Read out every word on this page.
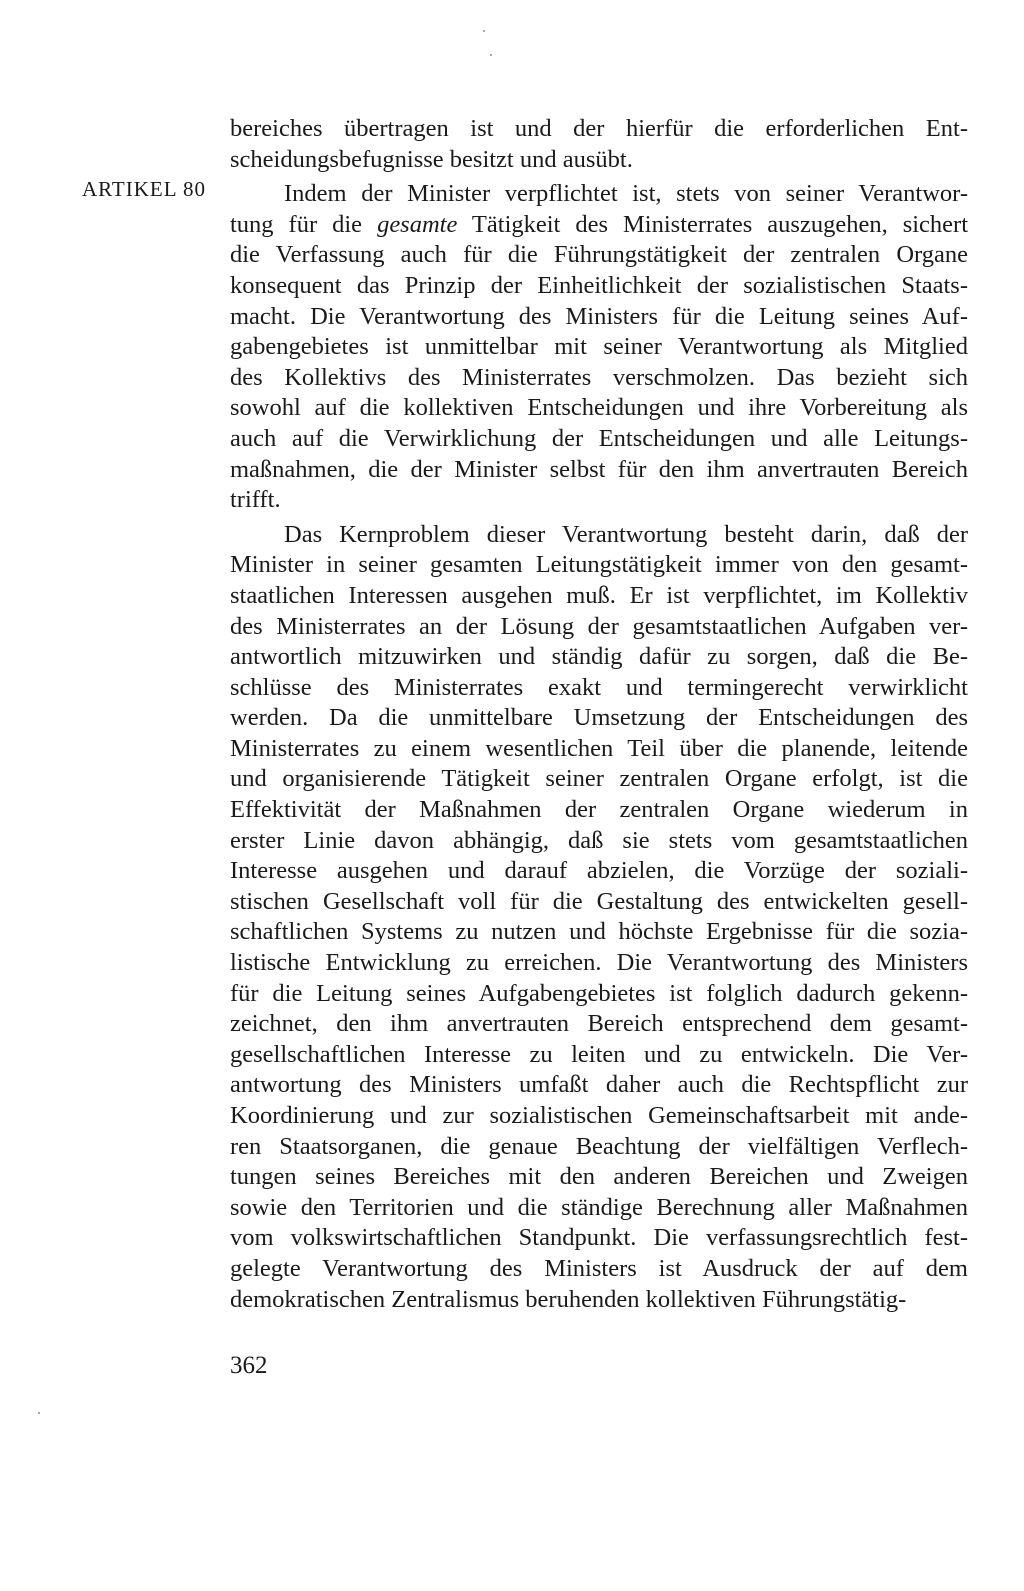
ARTIKEL 80
bereiches übertragen ist und der hierfür die erforderlichen Ent-
scheidungsbefugnisse besitzt und ausübt.
Indem der Minister verpflichtet ist, stets von seiner Verantwor-
tung für die gesamte Tätigkeit des Ministerrates auszugehen, sichert
die Verfassung auch für die Führungstätigkeit der zentralen Organe
konsequent das Prinzip der Einheitlichkeit der sozialistischen Staats-
macht. Die Verantwortung des Ministers für die Leitung seines Auf-
gabengebietes ist unmittelbar mit seiner Verantwortung als Mitglied
des Kollektivs des Ministerrates verschmolzen. Das bezieht sich
sowohl auf die kollektiven Entscheidungen und ihre Vorbereitung als
auch auf die Verwirklichung der Entscheidungen und alle Leitungs-
maßnahmen, die der Minister selbst für den ihm anvertrauten Bereich
trifft.
Das Kernproblem dieser Verantwortung besteht darin, daß der
Minister in seiner gesamten Leitungstätigkeit immer von den gesamt-
staatlichen Interessen ausgehen muß. Er ist verpflichtet, im Kollektiv
des Ministerrates an der Lösung der gesamtstaatlichen Aufgaben ver-
antwortlich mitzuwirken und ständig dafür zu sorgen, daß die Be-
schlüsse des Ministerrates exakt und termingerecht verwirklicht
werden. Da die unmittelbare Umsetzung der Entscheidungen des
Ministerrates zu einem wesentlichen Teil über die planende, leitende
und organisierende Tätigkeit seiner zentralen Organe erfolgt, ist die
Effektivität der Maßnahmen der zentralen Organe wiederum in
erster Linie davon abhängig, daß sie stets vom gesamtstaatlichen
Interesse ausgehen und darauf abzielen, die Vorzüge der soziali-
stischen Gesellschaft voll für die Gestaltung des entwickelten gesell-
schaftlichen Systems zu nutzen und höchste Ergebnisse für die sozia-
listische Entwicklung zu erreichen. Die Verantwortung des Ministers
für die Leitung seines Aufgabengebietes ist folglich dadurch gekenn-
zeichnet, den ihm anvertrauten Bereich entsprechend dem gesamt-
gesellschaftlichen Interesse zu leiten und zu entwickeln. Die Ver-
antwortung des Ministers umfaßt daher auch die Rechtspflicht zur
Koordinierung und zur sozialistischen Gemeinschaftsarbeit mit ande-
ren Staatsorganen, die genaue Beachtung der vielfältigen Verflech-
tungen seines Bereiches mit den anderen Bereichen und Zweigen
sowie den Territorien und die ständige Berechnung aller Maßnahmen
vom volkswirtschaftlichen Standpunkt. Die verfassungsrechtlich fest-
gelegte Verantwortung des Ministers ist Ausdruck der auf dem
demokratischen Zentralismus beruhenden kollektiven Führungstätig-
362
